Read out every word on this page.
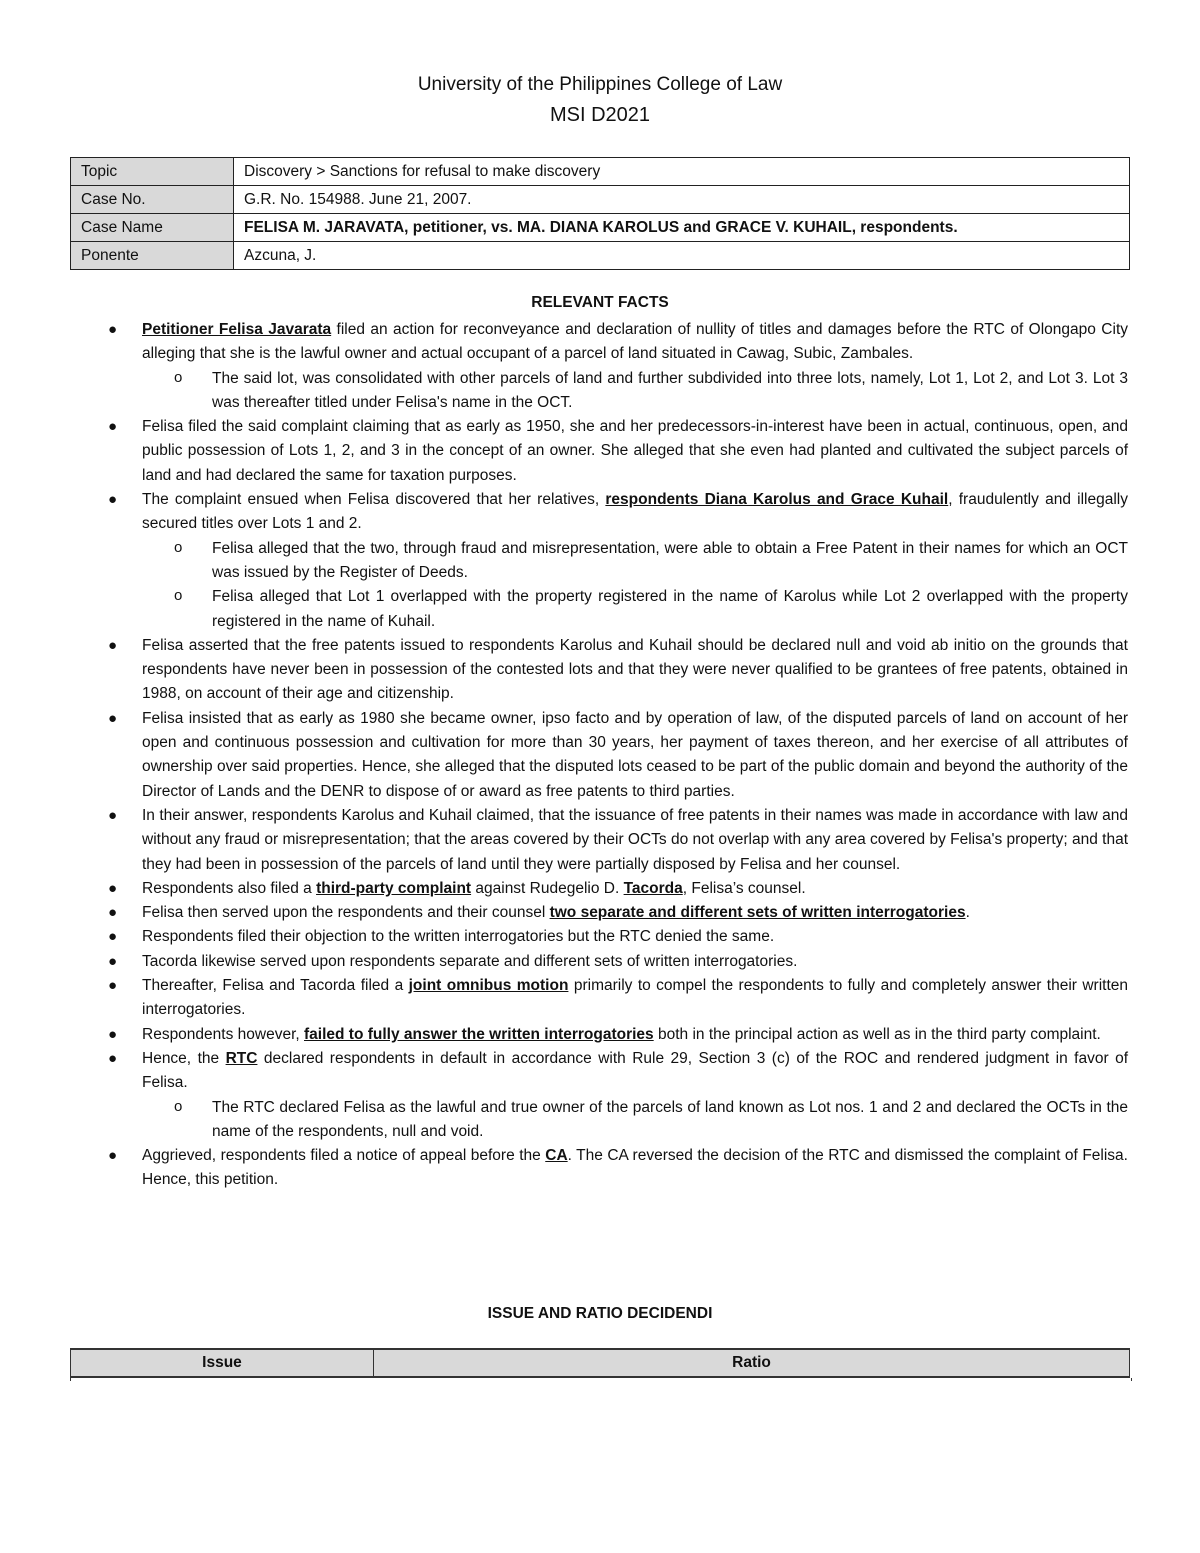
University of the Philippines College of Law
MSI D2021
Topic	Discovery > Sanctions for refusal to make discovery
Case No.	G.R. No. 154988. June 21, 2007.
Case Name	FELISA M. JARAVATA, petitioner, vs. MA. DIANA KAROLUS and GRACE V. KUHAIL, respondents.
Ponente	Azcuna, J.
RELEVANT FACTS
● Petitioner Felisa Javarata filed an action for reconveyance and declaration of nullity of titles and damages before the RTC of Olongapo City alleging that she is the lawful owner and actual occupant of a parcel of land situated in Cawag, Subic, Zambales.
o The said lot, was consolidated with other parcels of land and further subdivided into three lots, namely, Lot 1, Lot 2, and Lot 3. Lot 3 was thereafter titled under Felisa's name in the OCT.
● Felisa filed the said complaint claiming that as early as 1950, she and her predecessors-in-interest have been in actual, continuous, open, and public possession of Lots 1, 2, and 3 in the concept of an owner. She alleged that she even had planted and cultivated the subject parcels of land and had declared the same for taxation purposes.
● The complaint ensued when Felisa discovered that her relatives, respondents Diana Karolus and Grace Kuhail, fraudulently and illegally secured titles over Lots 1 and 2.
o Felisa alleged that the two, through fraud and misrepresentation, were able to obtain a Free Patent in their names for which an OCT was issued by the Register of Deeds.
o Felisa alleged that Lot 1 overlapped with the property registered in the name of Karolus while Lot 2 overlapped with the property registered in the name of Kuhail.
● Felisa asserted that the free patents issued to respondents Karolus and Kuhail should be declared null and void ab initio on the grounds that respondents have never been in possession of the contested lots and that they were never qualified to be grantees of free patents, obtained in 1988, on account of their age and citizenship.
● Felisa insisted that as early as 1980 she became owner, ipso facto and by operation of law, of the disputed parcels of land on account of her open and continuous possession and cultivation for more than 30 years, her payment of taxes thereon, and her exercise of all attributes of ownership over said properties. Hence, she alleged that the disputed lots ceased to be part of the public domain and beyond the authority of the Director of Lands and the DENR to dispose of or award as free patents to third parties.
● In their answer, respondents Karolus and Kuhail claimed, that the issuance of free patents in their names was made in accordance with law and without any fraud or misrepresentation; that the areas covered by their OCTs do not overlap with any area covered by Felisa's property; and that they had been in possession of the parcels of land until they were partially disposed by Felisa and her counsel.
● Respondents also filed a third-party complaint against Rudegelio D. Tacorda, Felisa’s counsel.
● Felisa then served upon the respondents and their counsel two separate and different sets of written interrogatories.
● Respondents filed their objection to the written interrogatories but the RTC denied the same.
● Tacorda likewise served upon respondents separate and different sets of written interrogatories.
● Thereafter, Felisa and Tacorda filed a joint omnibus motion primarily to compel the respondents to fully and completely answer their written interrogatories.
● Respondents however, failed to fully answer the written interrogatories both in the principal action as well as in the third party complaint.
● Hence, the RTC declared respondents in default in accordance with Rule 29, Section 3 (c) of the ROC and rendered judgment in favor of Felisa.
o The RTC declared Felisa as the lawful and true owner of the parcels of land known as Lot nos. 1 and 2 and declared the OCTs in the name of the respondents, null and void.
● Aggrieved, respondents filed a notice of appeal before the CA. The CA reversed the decision of the RTC and dismissed the complaint of Felisa. Hence, this petition.
ISSUE AND RATIO DECIDENDI
Issue	Ratio
